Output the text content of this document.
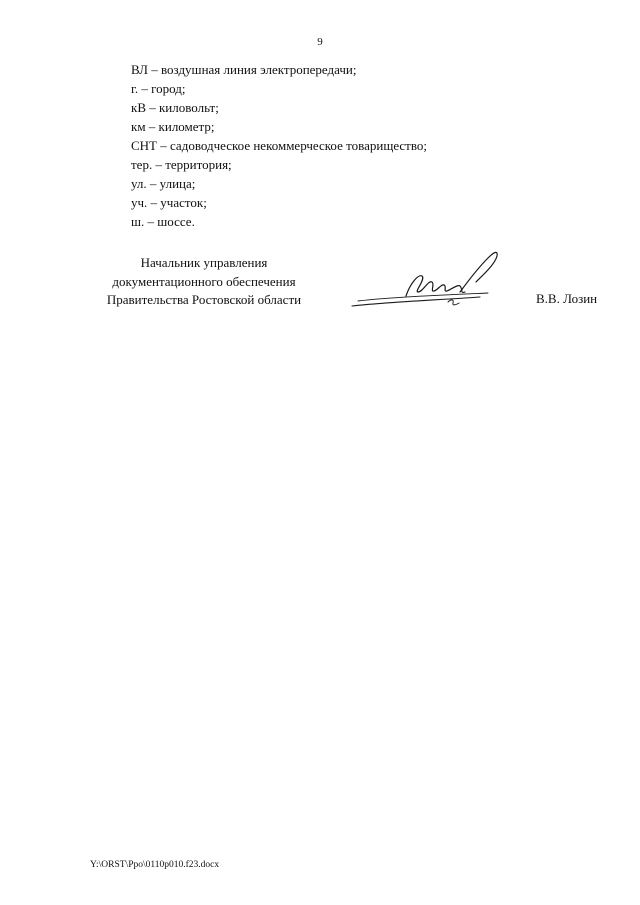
9
ВЛ – воздушная линия электропередачи;
г. – город;
кВ – киловольт;
км – километр;
СНТ – садоводческое некоммерческое товарищество;
тер. – территория;
ул. – улица;
уч. – участок;
ш. – шоссе.
Начальник управления
документационного обеспечения
Правительства Ростовской области	В.В. Лозин
Y:\ORST\Ppo\0110p010.f23.docx
